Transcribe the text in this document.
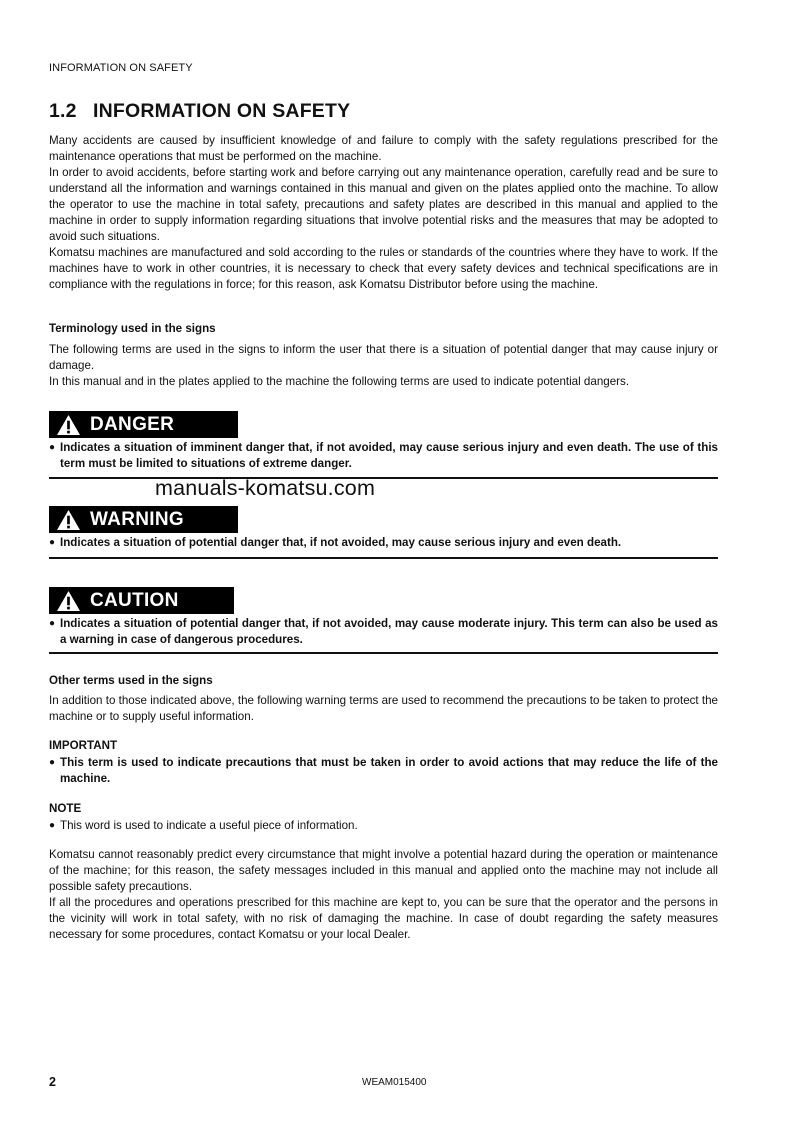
INFORMATION ON SAFETY
1.2 INFORMATION ON SAFETY

Many accidents are caused by insufficient knowledge of and failure to comply with the safety regulations prescribed for the maintenance operations that must be performed on the machine.

In order to avoid accidents, before starting work and before carrying out any maintenance operation, carefully read and be sure to understand all the information and warnings contained in this manual and given on the plates applied onto the machine. To allow the operator to use the machine in total safety, precautions and safety plates are described in this manual and applied to the machine in order to supply information regarding situations that involve potential risks and the measures that may be adopted to avoid such situations.

Komatsu machines are manufactured and sold according to the rules or standards of the countries where they have to work. If the machines have to work in other countries, it is necessary to check that every safety devices and technical specifications are in compliance with the regulations in force; for this reason, ask Komatsu Distributor before using the machine.

Terminology used in the signs

The following terms are used in the signs to inform the user that there is a situation of potential danger that may cause injury or damage.

In this manual and in the plates applied to the machine the following terms are used to indicate potential dangers.

DANGER
● Indicates a situation of imminent danger that, if not avoided, may cause serious injury and even death. The use of this term must be limited to situations of extreme danger.
manuals-komatsu.com
WARNING
● Indicates a situation of potential danger that, if not avoided, may cause serious injury and even death.
CAUTION
● Indicates a situation of potential danger that, if not avoided, may cause moderate injury. This term can also be used as a warning in case of dangerous procedures.
Other terms used in the signs

In addition to those indicated above, the following warning terms are used to recommend the precautions to be taken to protect the machine or to supply useful information.

IMPORTANT
● This term is used to indicate precautions that must be taken in order to avoid actions that may reduce the life of the machine.
NOTE
● This word is used to indicate a useful piece of information.

Komatsu cannot reasonably predict every circumstance that might involve a potential hazard during the operation or maintenance of the machine; for this reason, the safety messages included in this manual and applied onto the machine may not include all possible safety precautions.

If all the procedures and operations prescribed for this machine are kept to, you can be sure that the operator and the persons in the vicinity will work in total safety, with no risk of damaging the machine. In case of doubt regarding the safety measures necessary for some procedures, contact Komatsu or your local Dealer.

2	WEAM015400
